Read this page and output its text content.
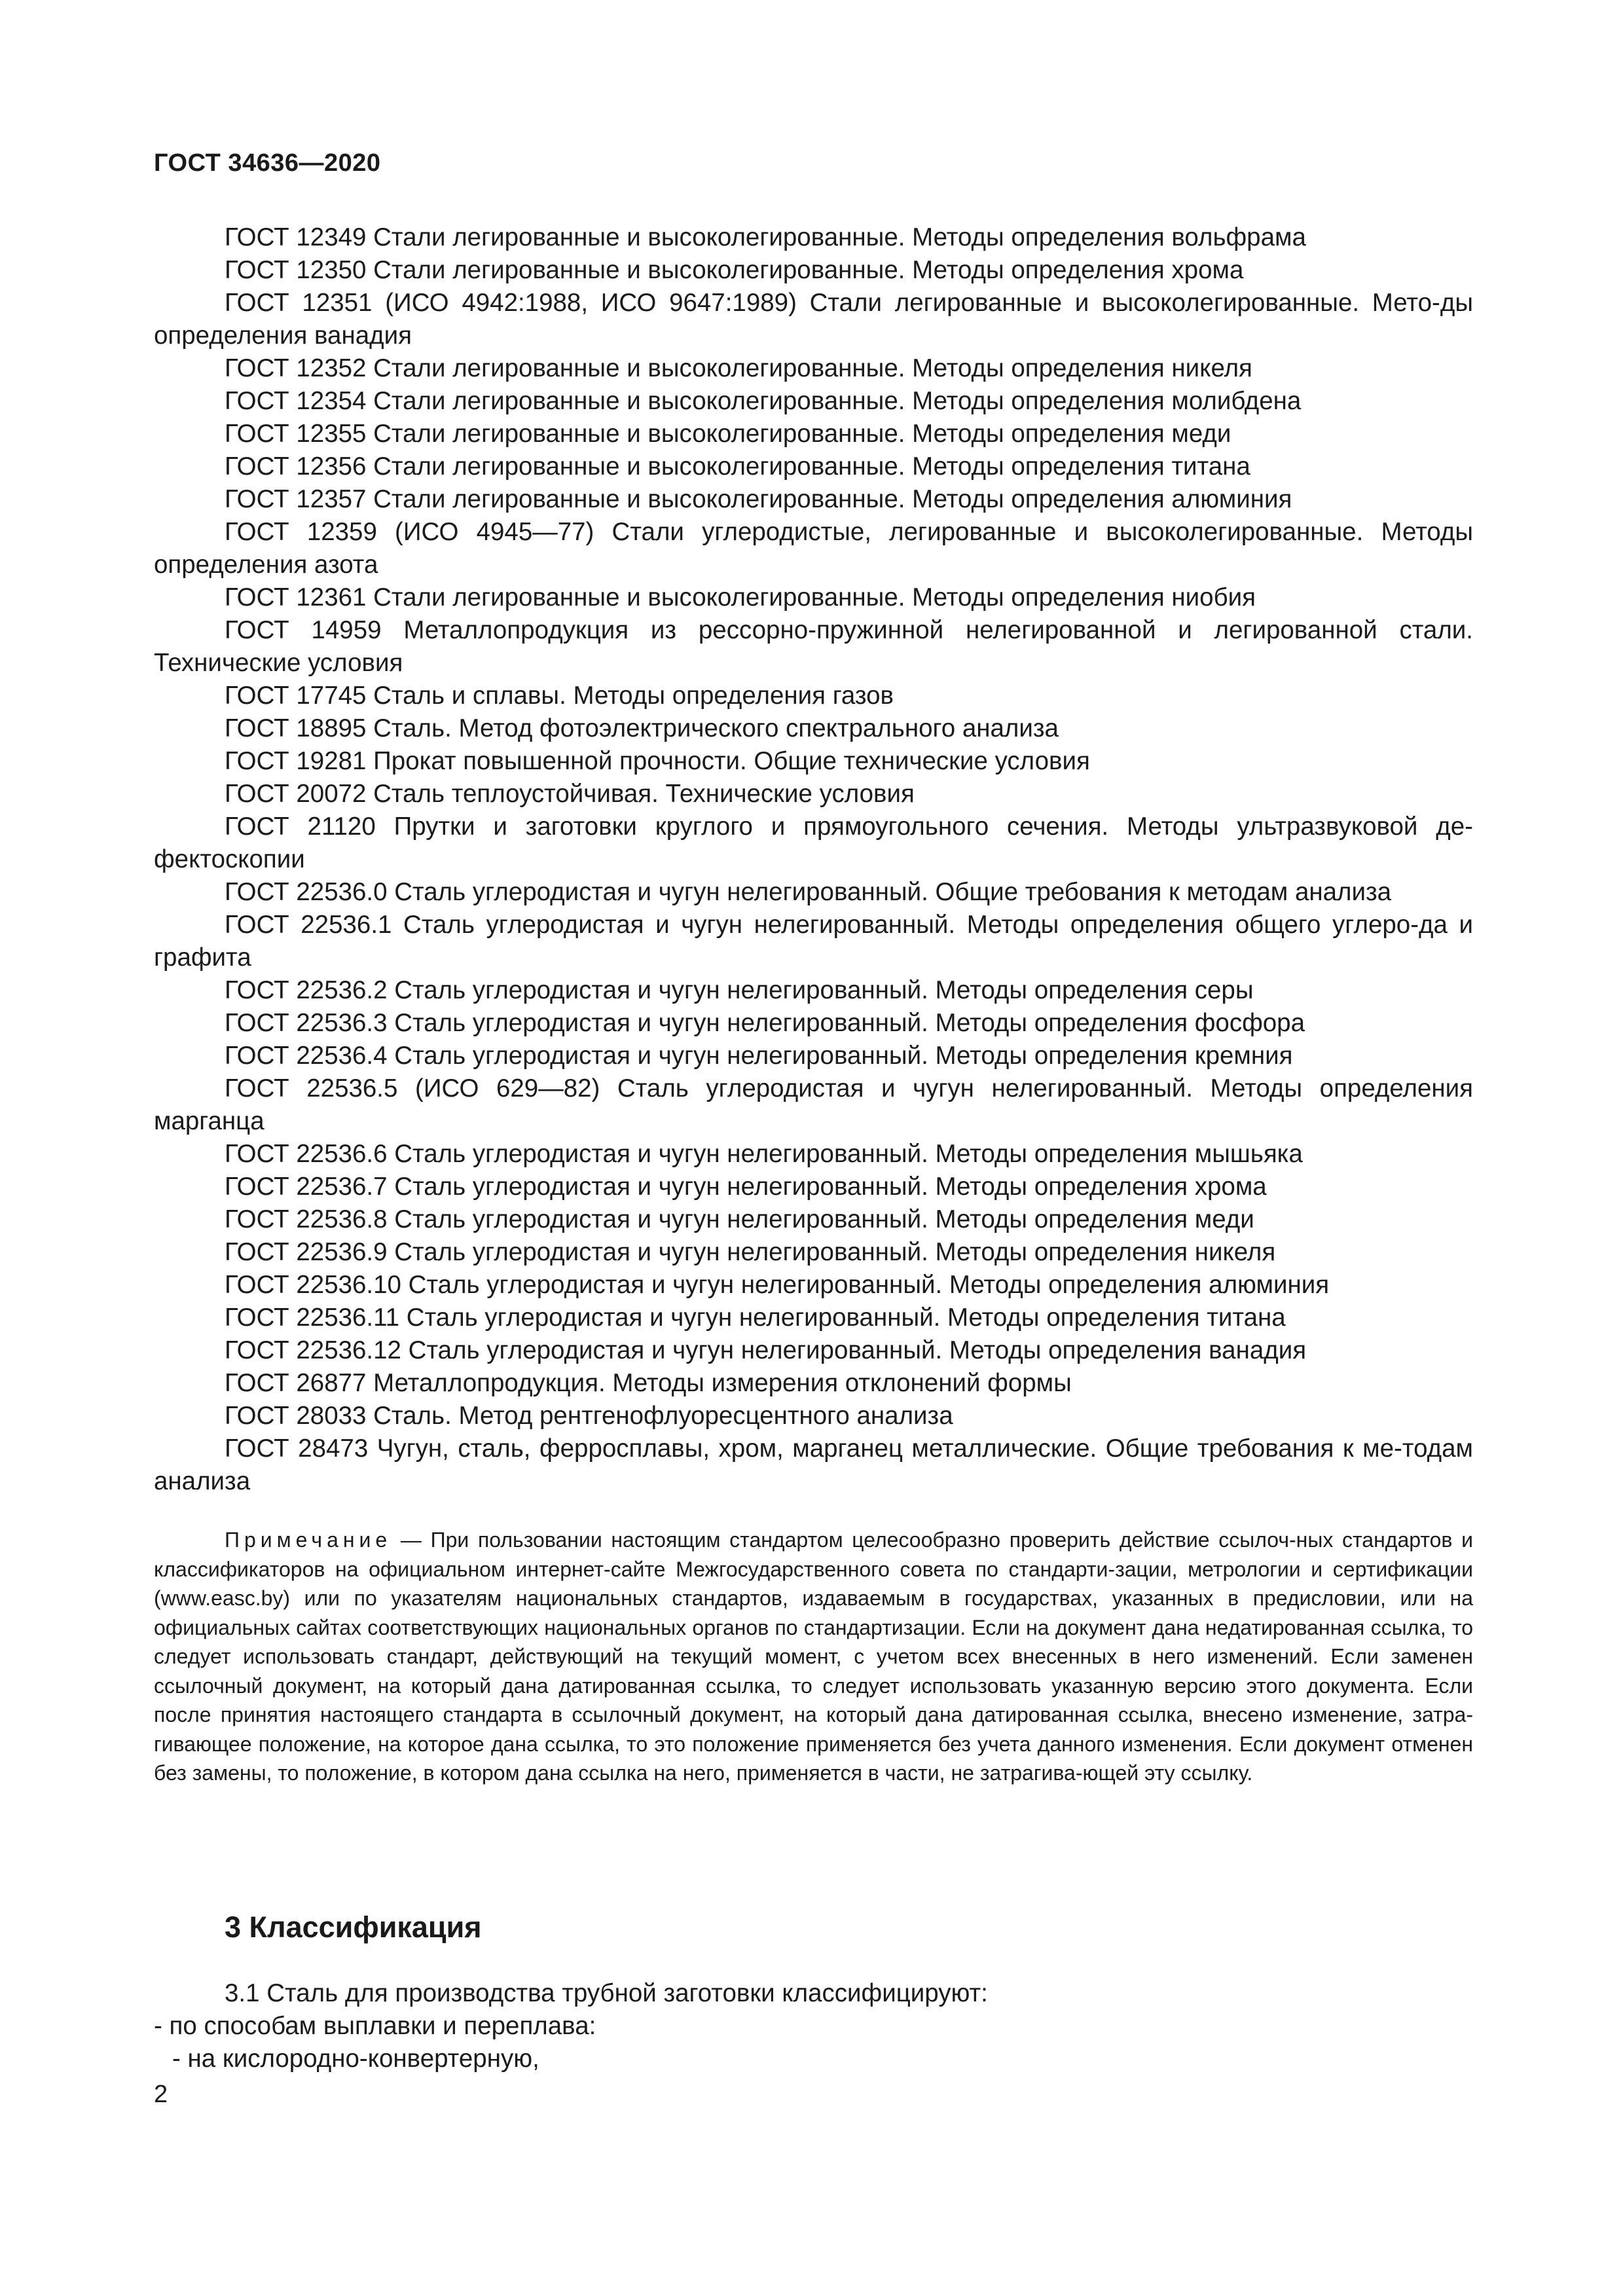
ГОСТ 34636—2020

ГОСТ 12349 Стали легированные и высоколегированные. Методы определения вольфрама

ГОСТ 12350 Стали легированные и высоколегированные. Методы определения хрома

ГОСТ 12351 (ИСО 4942:1988, ИСО 9647:1989) Стали легированные и высоколегированные. Мето-ды определения ванадия

ГОСТ 12352 Стали легированные и высоколегированные. Методы определения никеля

ГОСТ 12354 Стали легированные и высоколегированные. Методы определения молибдена

ГОСТ 12355 Стали легированные и высоколегированные. Методы определения меди

ГОСТ 12356 Стали легированные и высоколегированные. Методы определения титана

ГОСТ 12357 Стали легированные и высоколегированные. Методы определения алюминия

ГОСТ 12359 (ИСО 4945—77) Стали углеродистые, легированные и высоколегированные. Методы определения азота

ГОСТ 12361 Стали легированные и высоколегированные. Методы определения ниобия

ГОСТ 14959 Металлопродукция из рессорно-пружинной нелегированной и легированной стали. Технические условия

ГОСТ 17745 Сталь и сплавы. Методы определения газов

ГОСТ 18895 Сталь. Метод фотоэлектрического спектрального анализа

ГОСТ 19281 Прокат повышенной прочности. Общие технические условия

ГОСТ 20072 Сталь теплоустойчивая. Технические условия

ГОСТ 21120 Прутки и заготовки круглого и прямоугольного сечения. Методы ультразвуковой де-фектоскопии

ГОСТ 22536.0 Сталь углеродистая и чугун нелегированный. Общие требования к методам анализа

ГОСТ 22536.1 Сталь углеродистая и чугун нелегированный. Методы определения общего углеро-да и графита

ГОСТ 22536.2 Сталь углеродистая и чугун нелегированный. Методы определения серы

ГОСТ 22536.3 Сталь углеродистая и чугун нелегированный. Методы определения фосфора

ГОСТ 22536.4 Сталь углеродистая и чугун нелегированный. Методы определения кремния

ГОСТ 22536.5 (ИСО 629—82) Сталь углеродистая и чугун нелегированный. Методы определения марганца

ГОСТ 22536.6 Сталь углеродистая и чугун нелегированный. Методы определения мышьяка

ГОСТ 22536.7 Сталь углеродистая и чугун нелегированный. Методы определения хрома

ГОСТ 22536.8 Сталь углеродистая и чугун нелегированный. Методы определения меди

ГОСТ 22536.9 Сталь углеродистая и чугун нелегированный. Методы определения никеля

ГОСТ 22536.10 Сталь углеродистая и чугун нелегированный. Методы определения алюминия

ГОСТ 22536.11 Сталь углеродистая и чугун нелегированный. Методы определения титана

ГОСТ 22536.12 Сталь углеродистая и чугун нелегированный. Методы определения ванадия

ГОСТ 26877 Металлопродукция. Методы измерения отклонений формы

ГОСТ 28033 Сталь. Метод рентгенофлуоресцентного анализа

ГОСТ 28473 Чугун, сталь, ферросплавы, хром, марганец металлические. Общие требования к ме-тодам анализа

Примечание — При пользовании настоящим стандартом целесообразно проверить действие ссылоч-ных стандартов и классификаторов на официальном интернет-сайте Межгосударственного совета по стандарти-зации, метрологии и сертификации (www.easc.by) или по указателям национальных стандартов, издаваемым в государствах, указанных в предисловии, или на официальных сайтах соответствующих национальных органов по стандартизации. Если на документ дана недатированная ссылка, то следует использовать стандарт, действующий на текущий момент, с учетом всех внесенных в него изменений. Если заменен ссылочный документ, на который дана датированная ссылка, то следует использовать указанную версию этого документа. Если после принятия настоящего стандарта в ссылочный документ, на который дана датированная ссылка, внесено изменение, затра-гивающее положение, на которое дана ссылка, то это положение применяется без учета данного изменения. Если документ отменен без замены, то положение, в котором дана ссылка на него, применяется в части, не затрагива-ющей эту ссылку.
3 Классификация
3.1 Сталь для производства трубной заготовки классифицируют:
- по способам выплавки и переплава:
- на кислородно-конвертерную,
2
